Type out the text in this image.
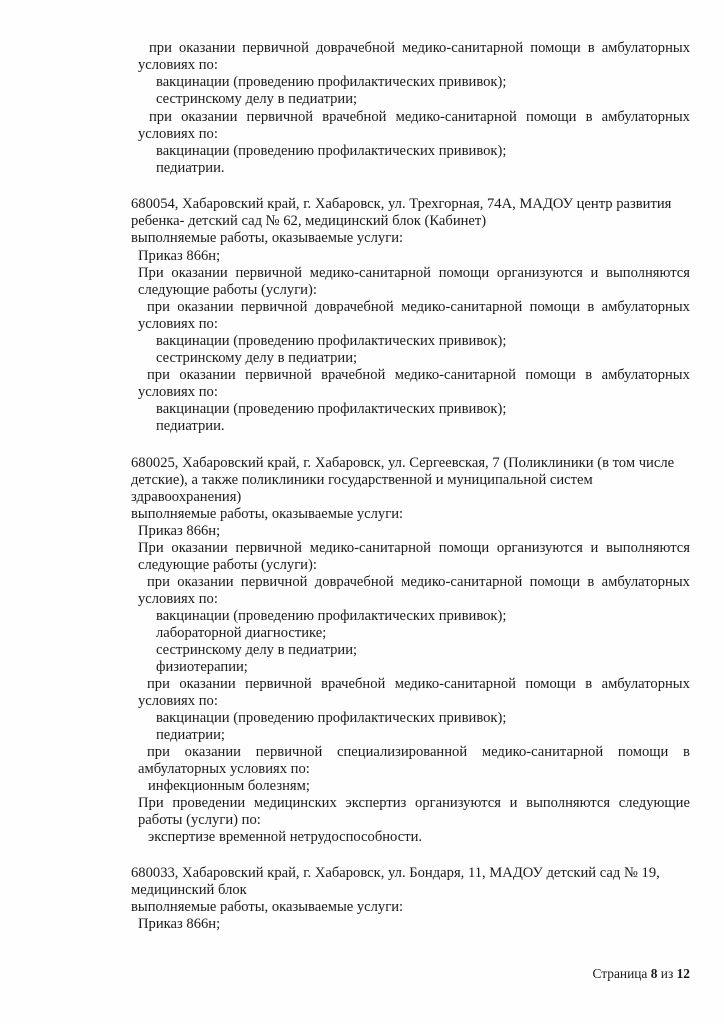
при оказании первичной доврачебной медико-санитарной помощи в амбулаторных
условиях по:
вакцинации (проведению профилактических прививок);
сестринскому делу в педиатрии;
при оказании первичной врачебной медико-санитарной помощи в амбулаторных
условиях по:
вакцинации (проведению профилактических прививок);
педиатрии.
680054, Хабаровский край, г. Хабаровск, ул. Трехгорная, 74А, МАДОУ центр развития
ребенка- детский сад № 62, медицинский блок (Кабинет)
выполняемые работы, оказываемые услуги:
Приказ 866н;
При оказании первичной медико-санитарной помощи организуются и выполняются
следующие работы (услуги):
при оказании первичной доврачебной медико-санитарной помощи в амбулаторных
условиях по:
вакцинации (проведению профилактических прививок);
сестринскому делу в педиатрии;
при оказании первичной врачебной медико-санитарной помощи в амбулаторных
условиях по:
вакцинации (проведению профилактических прививок);
педиатрии.
680025, Хабаровский край, г. Хабаровск, ул. Сергеевская, 7 (Поликлиники (в том числе
детские), а также поликлиники государственной и муниципальной систем
здравоохранения)
выполняемые работы, оказываемые услуги:
Приказ 866н;
При оказании первичной медико-санитарной помощи организуются и выполняются
следующие работы (услуги):
при оказании первичной доврачебной медико-санитарной помощи в амбулаторных
условиях по:
вакцинации (проведению профилактических прививок);
лабораторной диагностике;
сестринскому делу в педиатрии;
физиотерапии;
при оказании первичной врачебной медико-санитарной помощи в амбулаторных
условиях по:
вакцинации (проведению профилактических прививок);
педиатрии;
при оказании первичной специализированной медико-санитарной помощи в
амбулаторных условиях по:
инфекционным болезням;
При проведении медицинских экспертиз организуются и выполняются следующие
работы (услуги) по:
экспертизе временной нетрудоспособности.
680033, Хабаровский край, г. Хабаровск, ул. Бондаря, 11, МАДОУ детский сад № 19,
медицинский блок
выполняемые работы, оказываемые услуги:
Приказ 866н;
Страница 8 из 12
